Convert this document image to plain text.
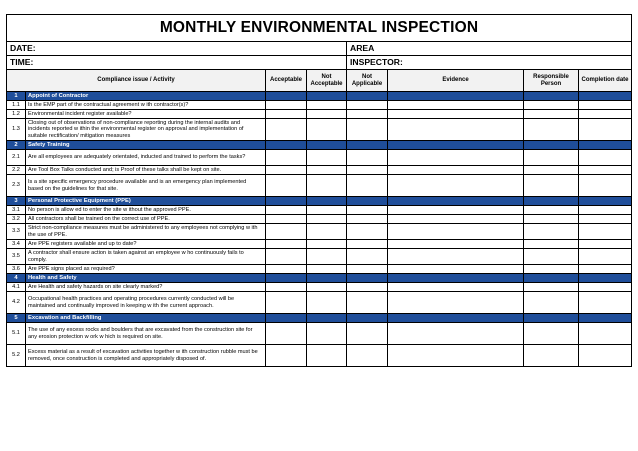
MONTHLY ENVIRONMENTAL INSPECTION							
DATE:				AREA			
TIME:				INSPECTOR:			
Compliance issue / Activity		Acceptable	Not Acceptable	Not Applicable	Evidence	Responsible Person	Completion date
1	Appoint of Contractor						
1.1	Is the EMP part of the contractual agreement w ith contractor(s)?						
1.2	Environmental incident register available?						
1.3	Closing out of observations of non-compliance reporting during the internal audits and incidents reported w ithin the environmental register on approval and implementation of suitable rectification/ mitigation measures						
2	Safety Training						
2.1	Are all employees are adequately orientated, inducted and trained to perform the tasks?						
2.2	Are Tool Box Talks conducted and; is Proof of these talks shall be kept on site.						
2.3	Is a site specific emergency procedure available and is an emergency plan implemented based on the guidelines for that site.						
3	Personal Protective Equipment (PPE)						
3.1	No person is allow ed to enter the site w ithout the approved PPE.						
3.2	All contractors shall be trained on the correct use of PPE.						
3.3	Strict non-compliance measures must be administered to any employees not complying w ith the use of PPE.						
3.4	Are PPE registers available and up to date?						
3.5	A contractor shall ensure action is taken against an employee w ho continuously fails to comply.						
3.6	Are PPE signs placed as required?						
4	Health and Safety						
4.1	Are Health and safety hazards on site clearly marked?						
4.2	Occupational health practices and operating procedures currently conducted will be maintained and continually improved in keeping w ith the current approach.						
5	Excavation and Backfilling						
5.1	The use of any excess rocks and boulders that are excavated from the construction site for any erosion protection w ork w hich is required on site.						
5.2	Excess material as a result of excavation activities together w ith construction rubble must be removed, once construction is completed and appropriately disposed of.						
